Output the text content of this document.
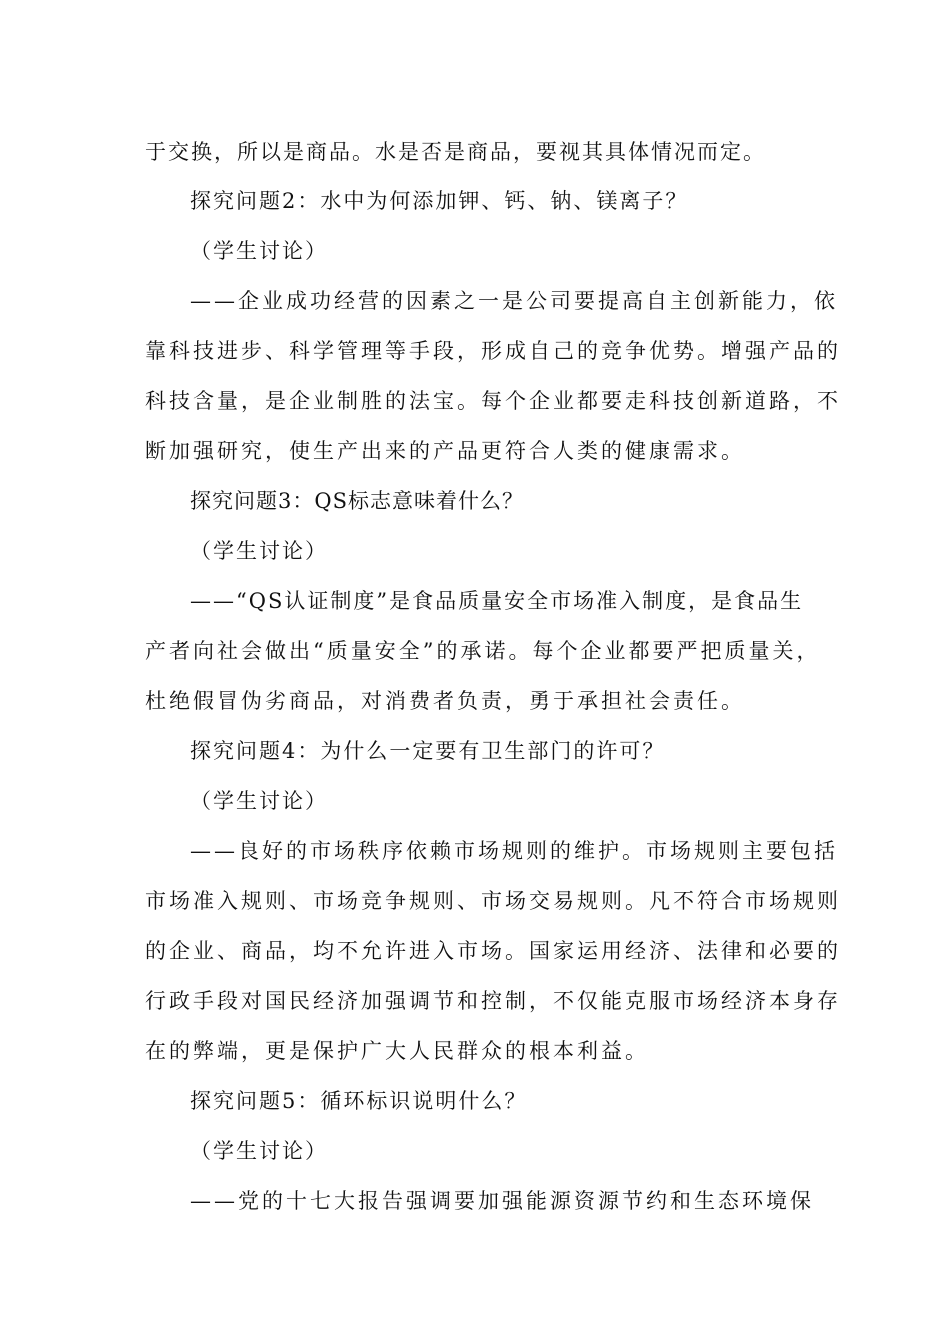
于交换，所以是商品。水是否是商品，要视其具体情况而定。
探究问题2：水中为何添加钾、钙、钠、镁离子？
（学生讨论）
——企业成功经营的因素之一是公司要提高自主创新能力，依
靠科技进步、科学管理等手段，形成自己的竞争优势。增强产品的
科技含量，是企业制胜的法宝。每个企业都要走科技创新道路，不
断加强研究，使生产出来的产品更符合人类的健康需求。
探究问题3：QS标志意味着什么？
（学生讨论）
——“QS认证制度”是食品质量安全市场准入制度，是食品生
产者向社会做出“质量安全”的承诺。每个企业都要严把质量关，
杜绝假冒伪劣商品，对消费者负责，勇于承担社会责任。
探究问题4：为什么一定要有卫生部门的许可？
（学生讨论）
——良好的市场秩序依赖市场规则的维护。市场规则主要包括
市场准入规则、市场竞争规则、市场交易规则。凡不符合市场规则
的企业、商品，均不允许进入市场。国家运用经济、法律和必要的
行政手段对国民经济加强调节和控制，不仅能克服市场经济本身存
在的弊端，更是保护广大人民群众的根本利益。
探究问题5：循环标识说明什么？
（学生讨论）
——党的十七大报告强调要加强能源资源节约和生态环境保
